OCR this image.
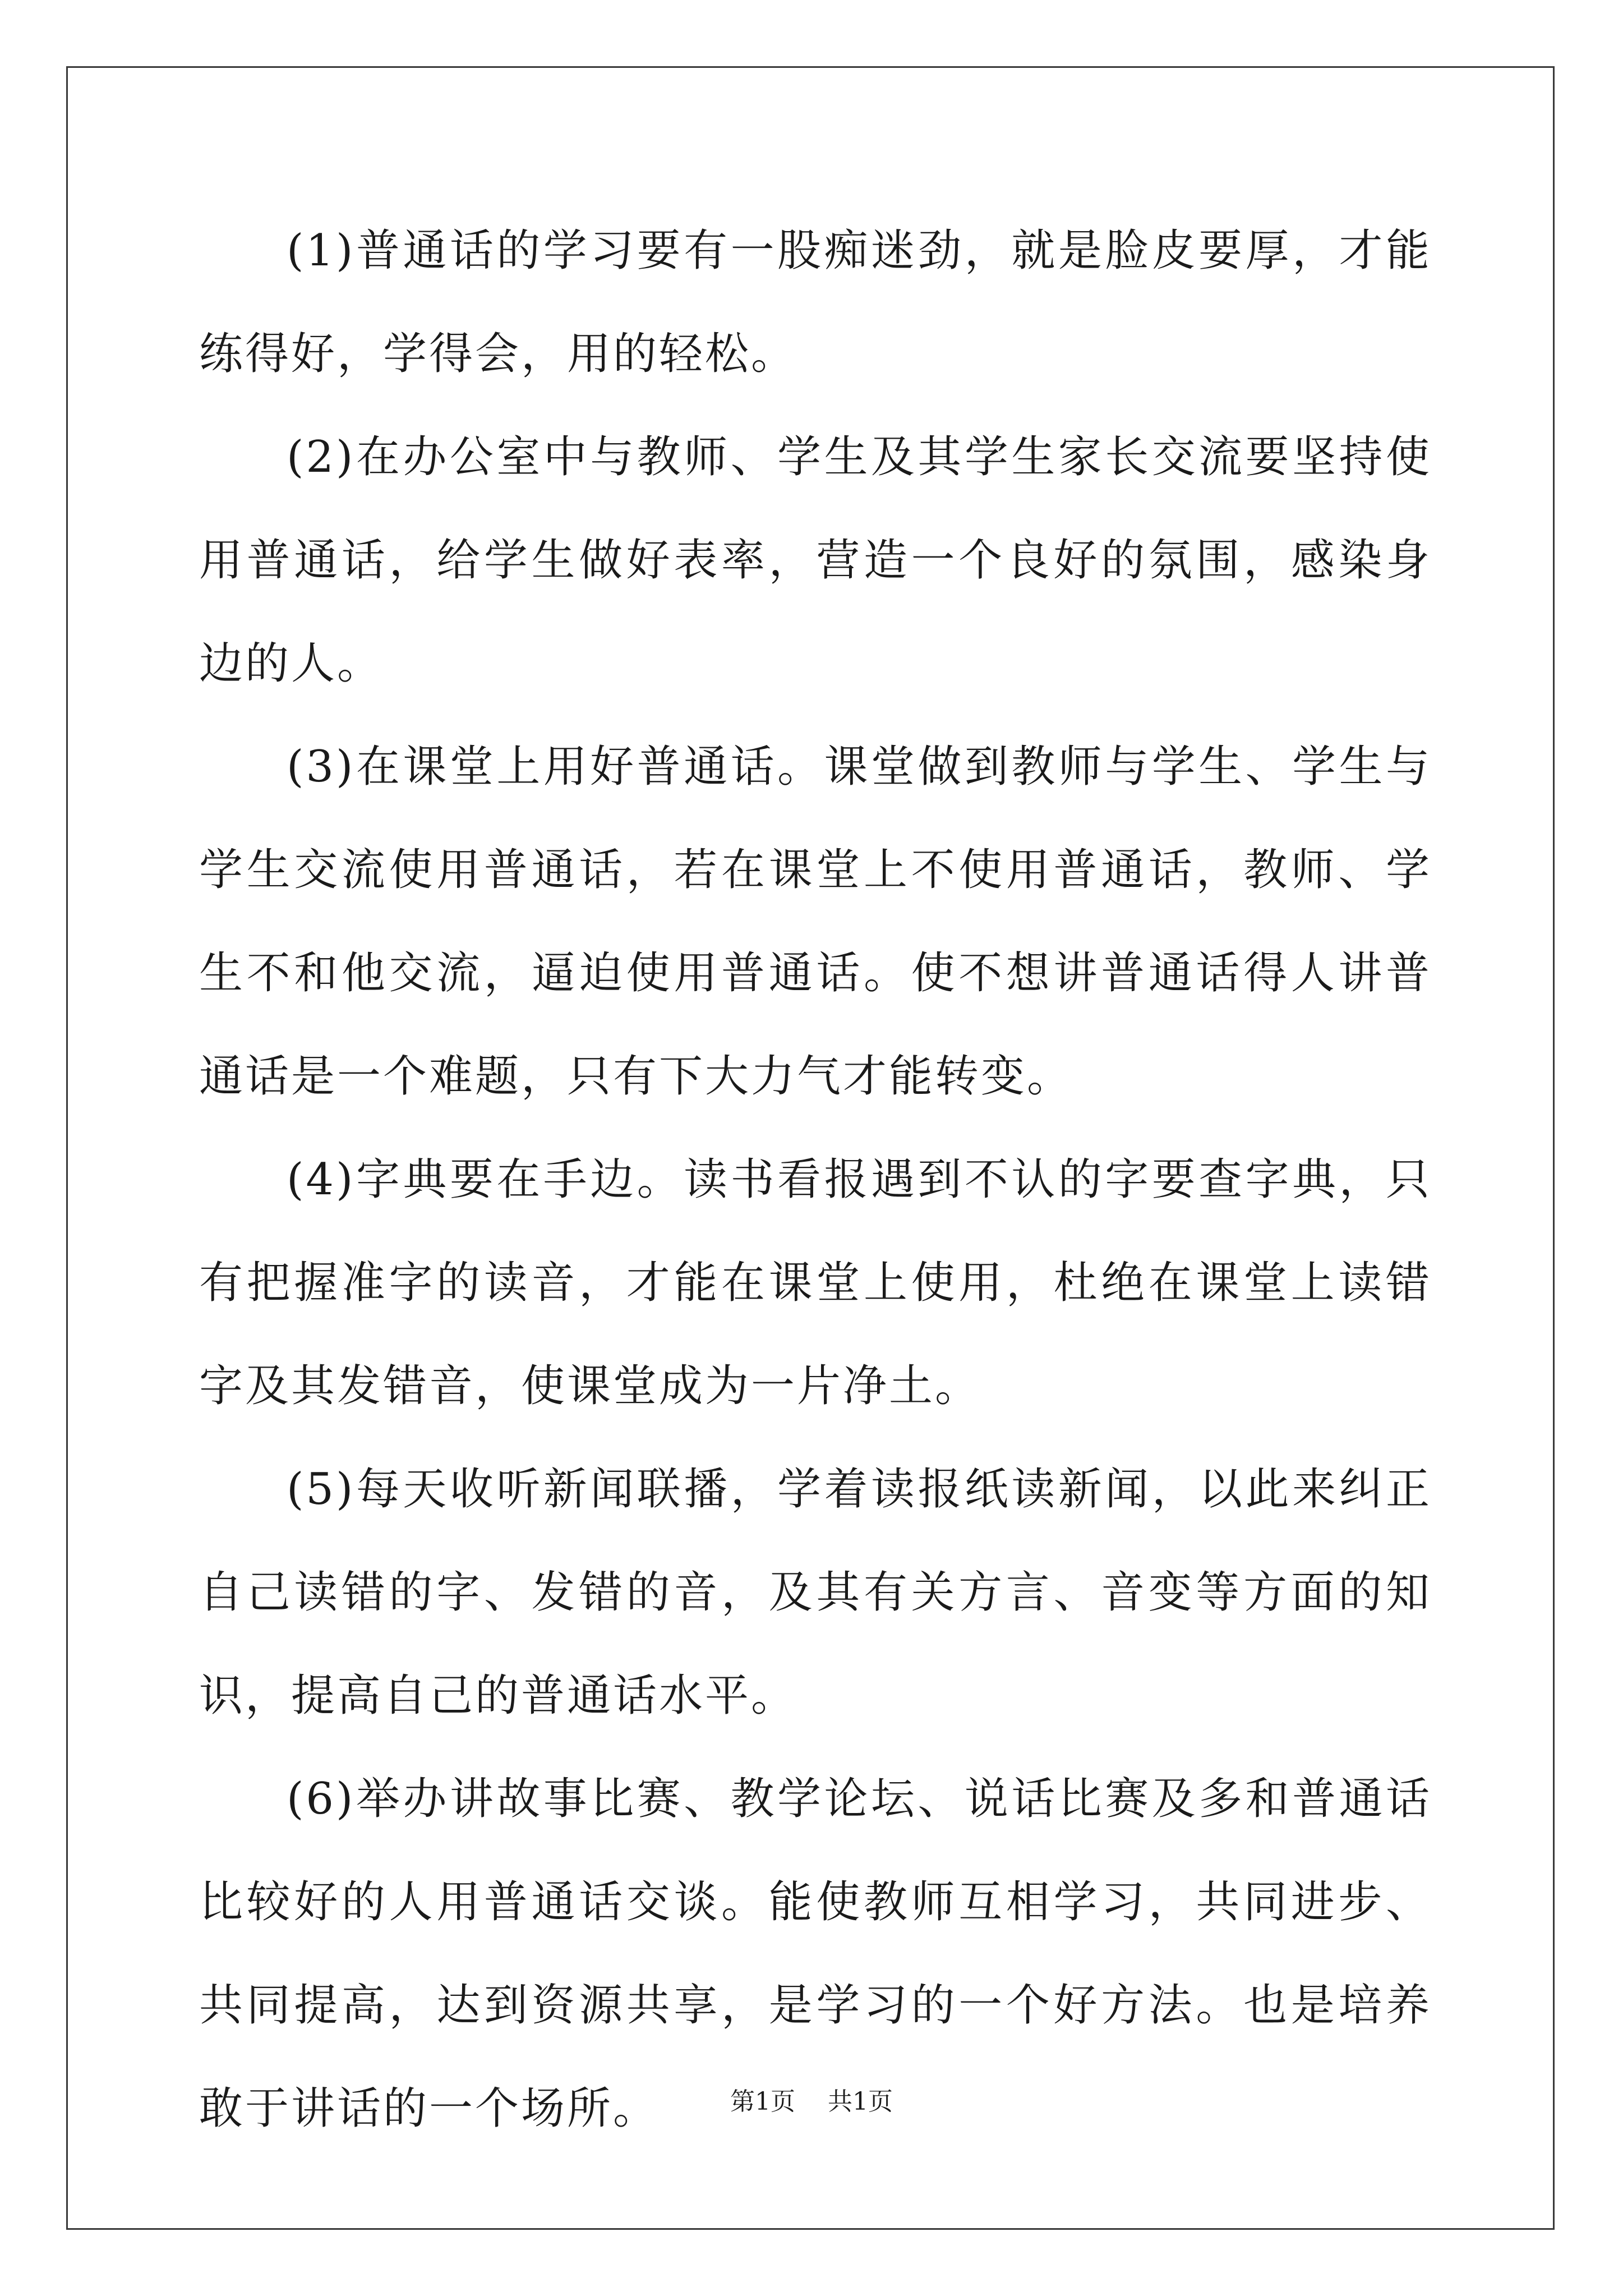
(1)普通话的学习要有一股痴迷劲，就是脸皮要厚，才能练得好，学得会，用的轻松。

(2)在办公室中与教师、学生及其学生家长交流要坚持使用普通话，给学生做好表率，营造一个良好的氛围，感染身边的人。

(3)在课堂上用好普通话。课堂做到教师与学生、学生与学生交流使用普通话，若在课堂上不使用普通话，教师、学生不和他交流，逼迫使用普通话。使不想讲普通话得人讲普通话是一个难题，只有下大力气才能转变。

(4)字典要在手边。读书看报遇到不认的字要查字典，只有把握准字的读音，才能在课堂上使用，杜绝在课堂上读错字及其发错音，使课堂成为一片净土。

(5)每天收听新闻联播，学着读报纸读新闻，以此来纠正自己读错的字、发错的音，及其有关方言、音变等方面的知识，提高自己的普通话水平。

(6)举办讲故事比赛、教学论坛、说话比赛及多和普通话比较好的人用普通话交谈。能使教师互相学习，共同进步、共同提高，达到资源共享，是学习的一个好方法。也是培养敢于讲话的一个场所。	第1页 共1页
